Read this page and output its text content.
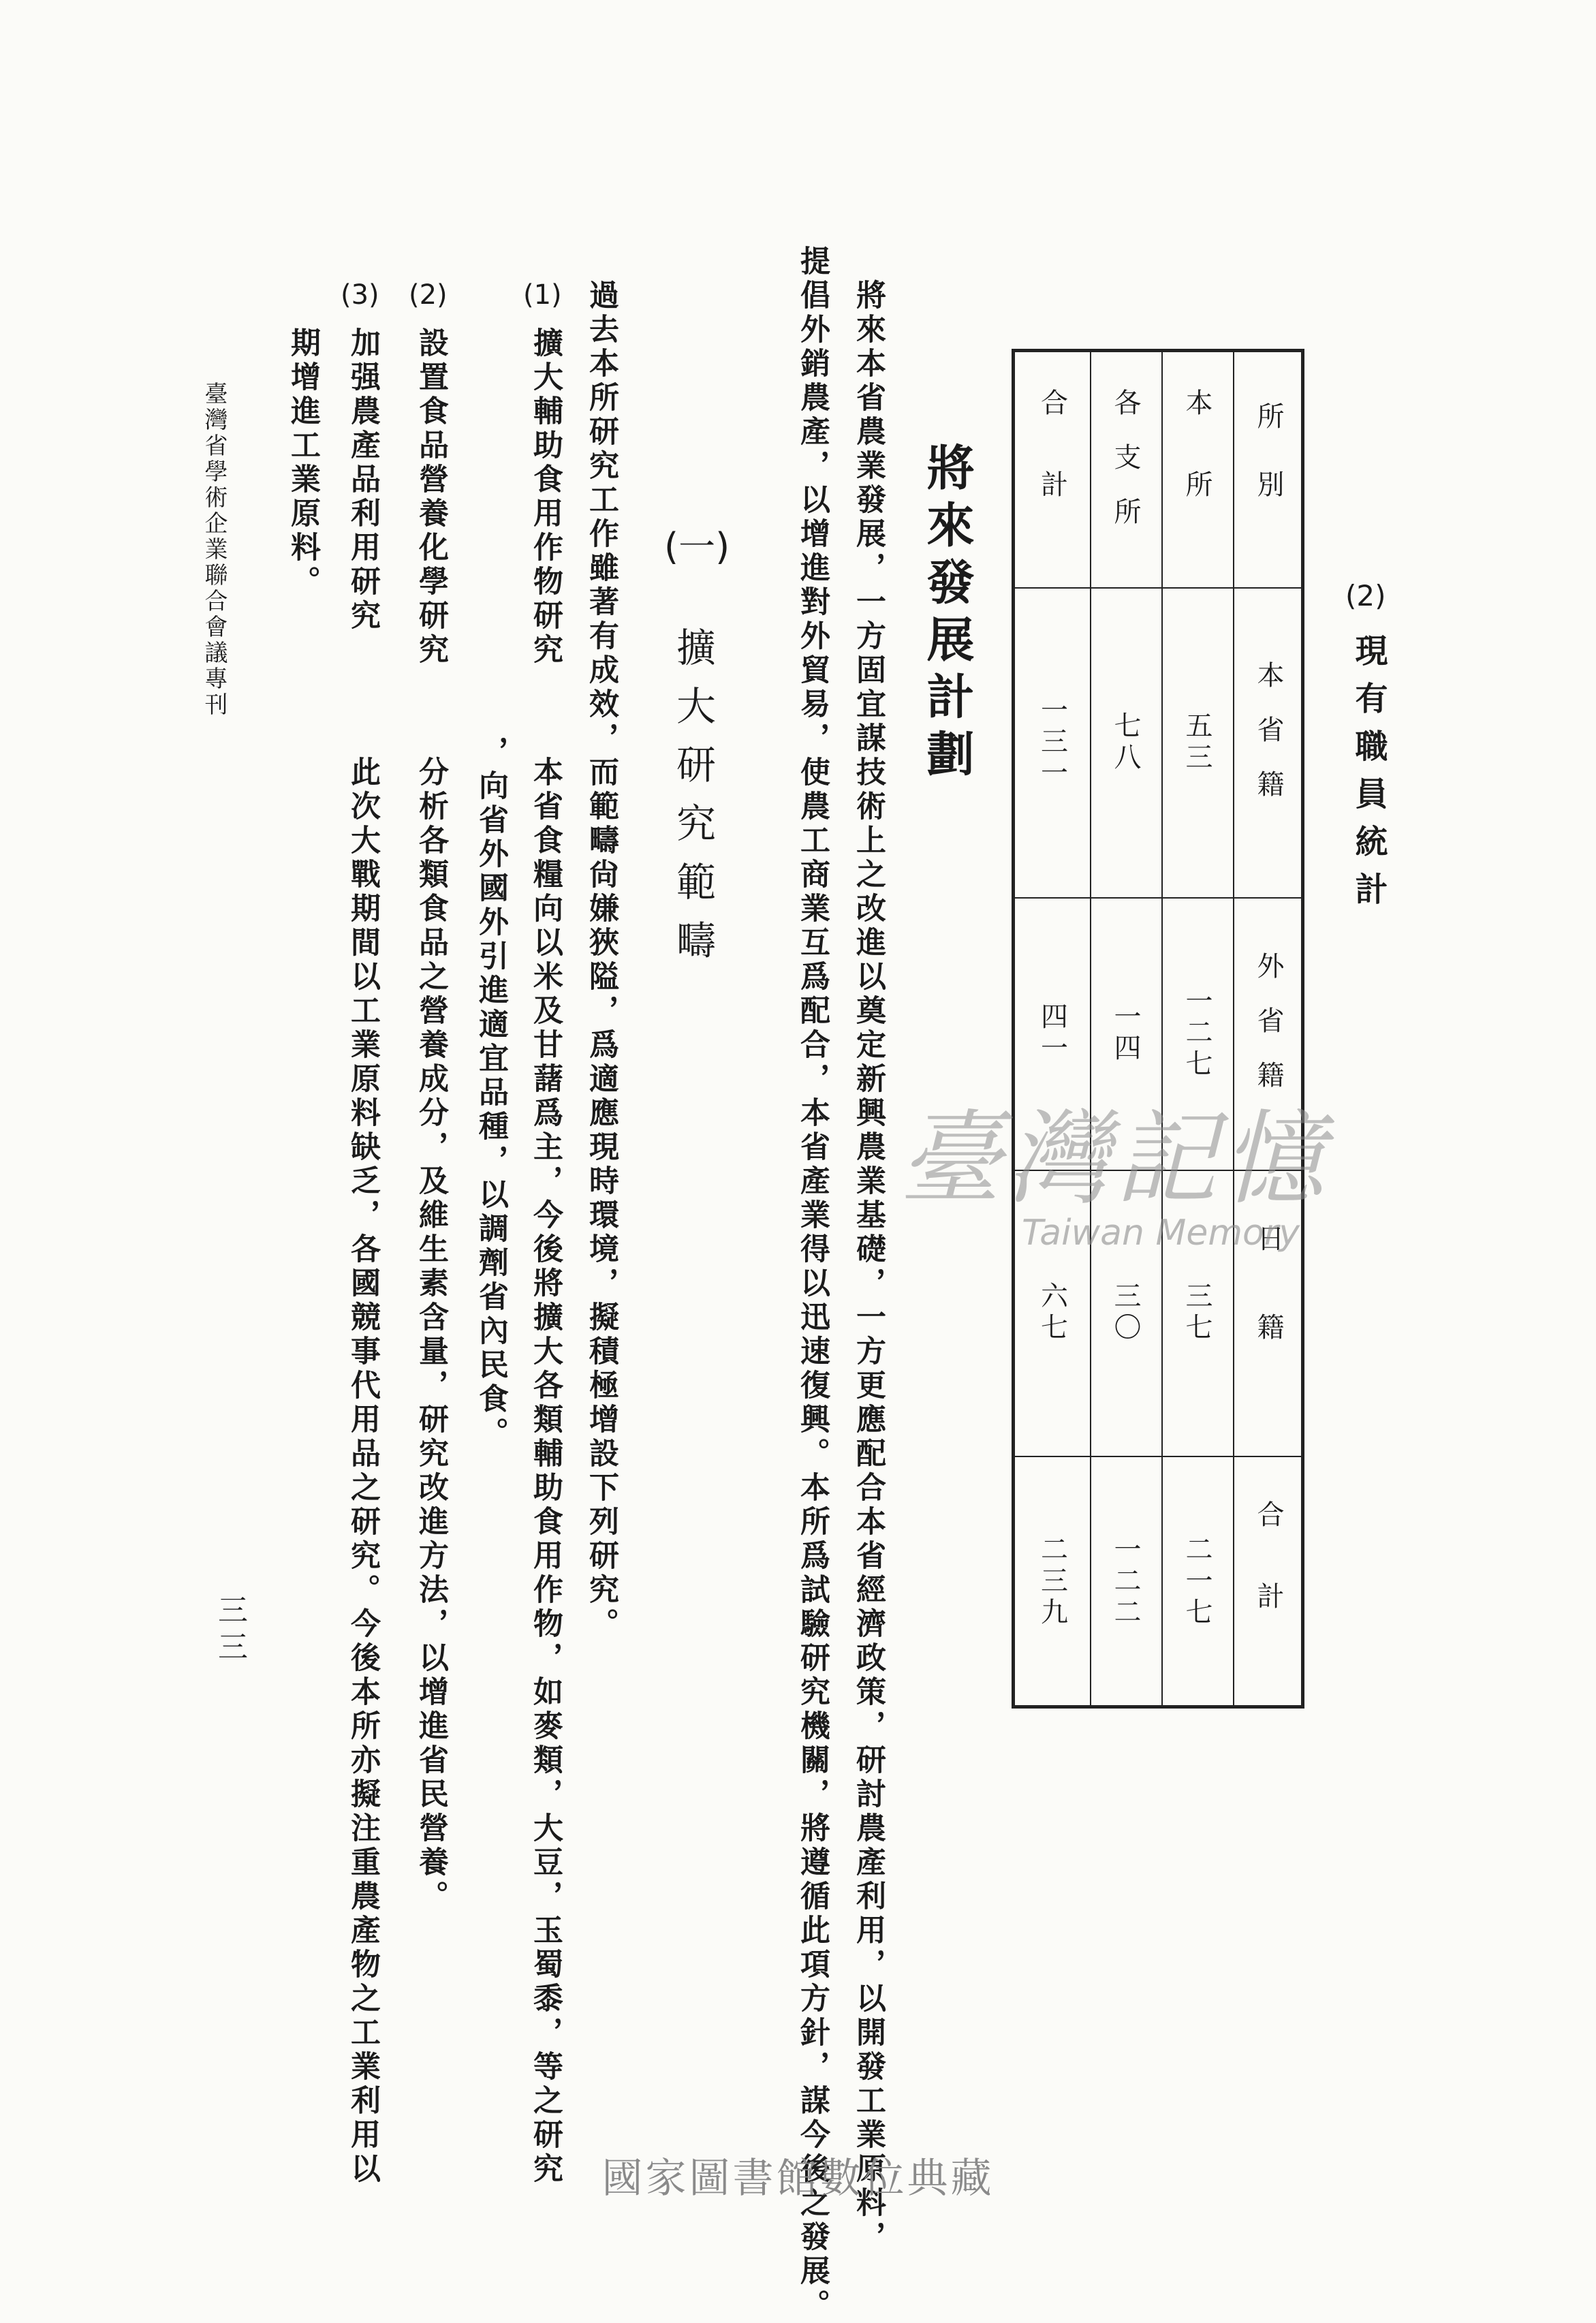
(2)
現有職員統計
所別
本省籍
外省籍
日籍
合計
本所
五三
一二七
三七
二一七
各支所
七八
一四
三〇
一二二
合計
一三一
四一
六七
二三九
將來發展計劃
將來本省農業發展，一方固宜謀技術上之改進以奠定新興農業基礎，一方更應配合本省經濟政策，研討農產利用，以開發工業原料，
提倡外銷農產，以增進對外貿易，使農工商業互爲配合，本省產業得以迅速復興。本所爲試驗研究機關，將遵循此項方針，謀今後之發展。
(一)
擴大研究範疇
過去本所研究工作雖著有成效，而範疇尙嫌狹隘，爲適應現時環境，擬積極增設下列研究。
(1)
擴大輔助食用作物研究
本省食糧向以米及甘藷爲主，今後將擴大各類輔助食用作物，如麥類，大豆，玉蜀黍，等之研究
，向省外國外引進適宜品種，以調劑省內民食。
(2)
設置食品營養化學研究
分析各類食品之營養成分，及維生素含量，研究改進方法，以增進省民營養。
(3)
加强農產品利用研究
此次大戰期間以工業原料缺乏，各國競事代用品之研究。今後本所亦擬注重農產物之工業利用以
期增進工業原料。
臺灣省學術企業聯合會議專刊
三三
臺灣記憶
Taiwan Memory
國家圖書館數位典藏
